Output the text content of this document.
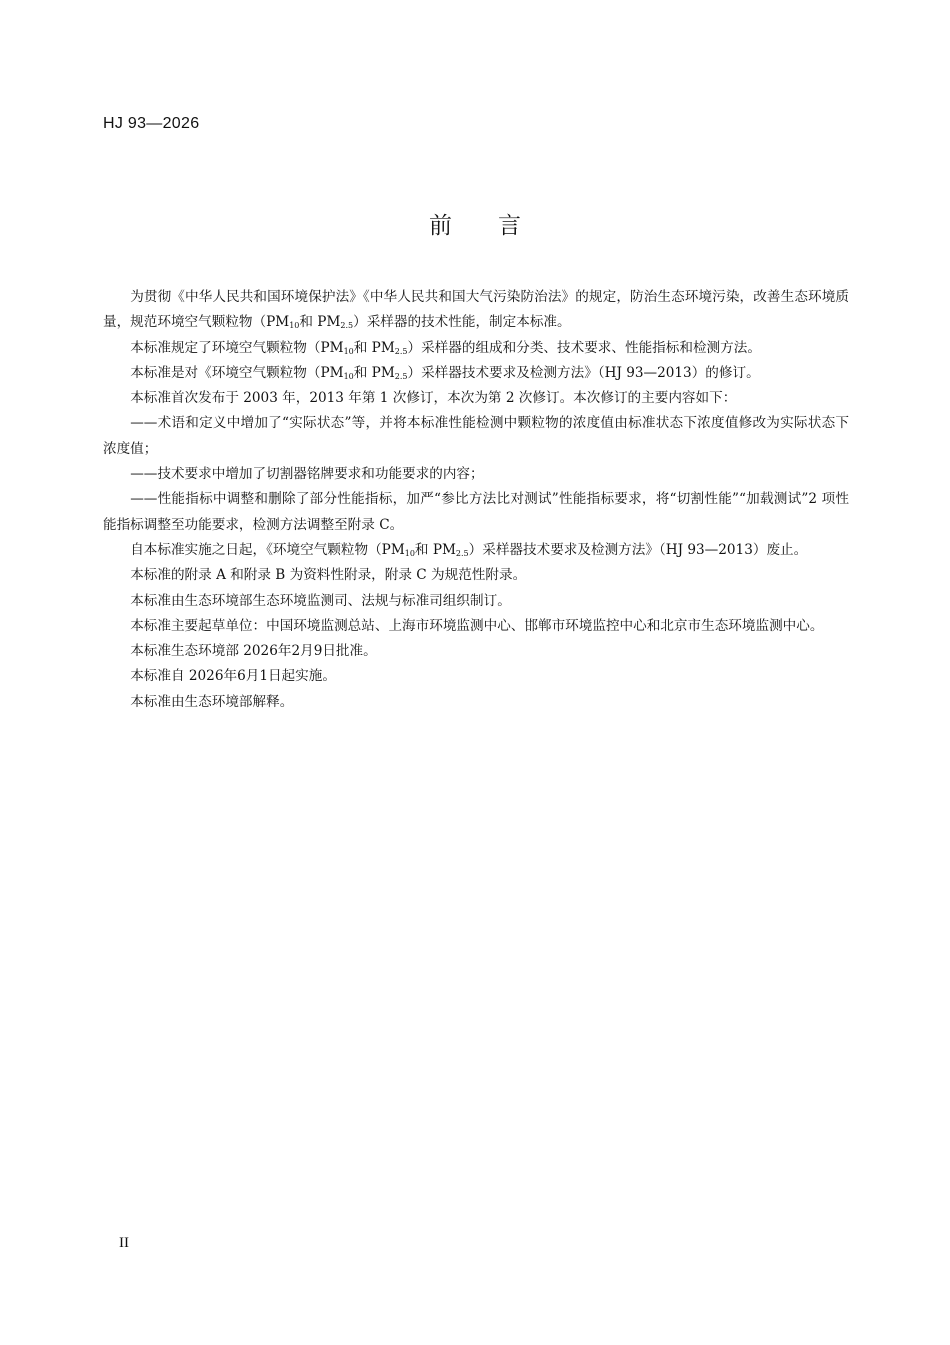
HJ 93—2026
前 言

为贯彻《中华人民共和国环境保护法》《中华人民共和国大气污染防治法》的规定，防治生态环境污染，改善生态环境质量，规范环境空气颗粒物（$PM_{10}$和 $PM_{2.5}$）采样器的技术性能，制定本标准。

本标准规定了环境空气颗粒物（$PM_{10}$和 $PM_{2.5}$）采样器的组成和分类、技术要求、性能指标和检测方法。

本标准是对《环境空气颗粒物（$PM_{10}$和 $PM_{2.5}$）采样器技术要求及检测方法》（HJ 93—2013）的修订。

本标准首次发布于 2003 年，2013 年第 1 次修订，本次为第 2 次修订。本次修订的主要内容如下：

——术语和定义中增加了“实际状态”等，并将本标准性能检测中颗粒物的浓度值由标准状态下浓度值修改为实际状态下浓度值；

——技术要求中增加了切割器铭牌要求和功能要求的内容；

——性能指标中调整和删除了部分性能指标，加严“参比方法比对测试”性能指标要求，将“切割性能”“加载测试”2 项性能指标调整至功能要求，检测方法调整至附录 C。

自本标准实施之日起，《环境空气颗粒物（$PM_{10}$和 $PM_{2.5}$）采样器技术要求及检测方法》（HJ 93—2013）废止。

本标准的附录 A 和附录 B 为资料性附录，附录 C 为规范性附录。

本标准由生态环境部生态环境监测司、法规与标准司组织制订。

本标准主要起草单位：中国环境监测总站、上海市环境监测中心、邯郸市环境监控中心和北京市生态环境监测中心。

本标准生态环境部 2026年2月9日批准。

本标准自 2026年6月1日起实施。

本标准由生态环境部解释。

II
